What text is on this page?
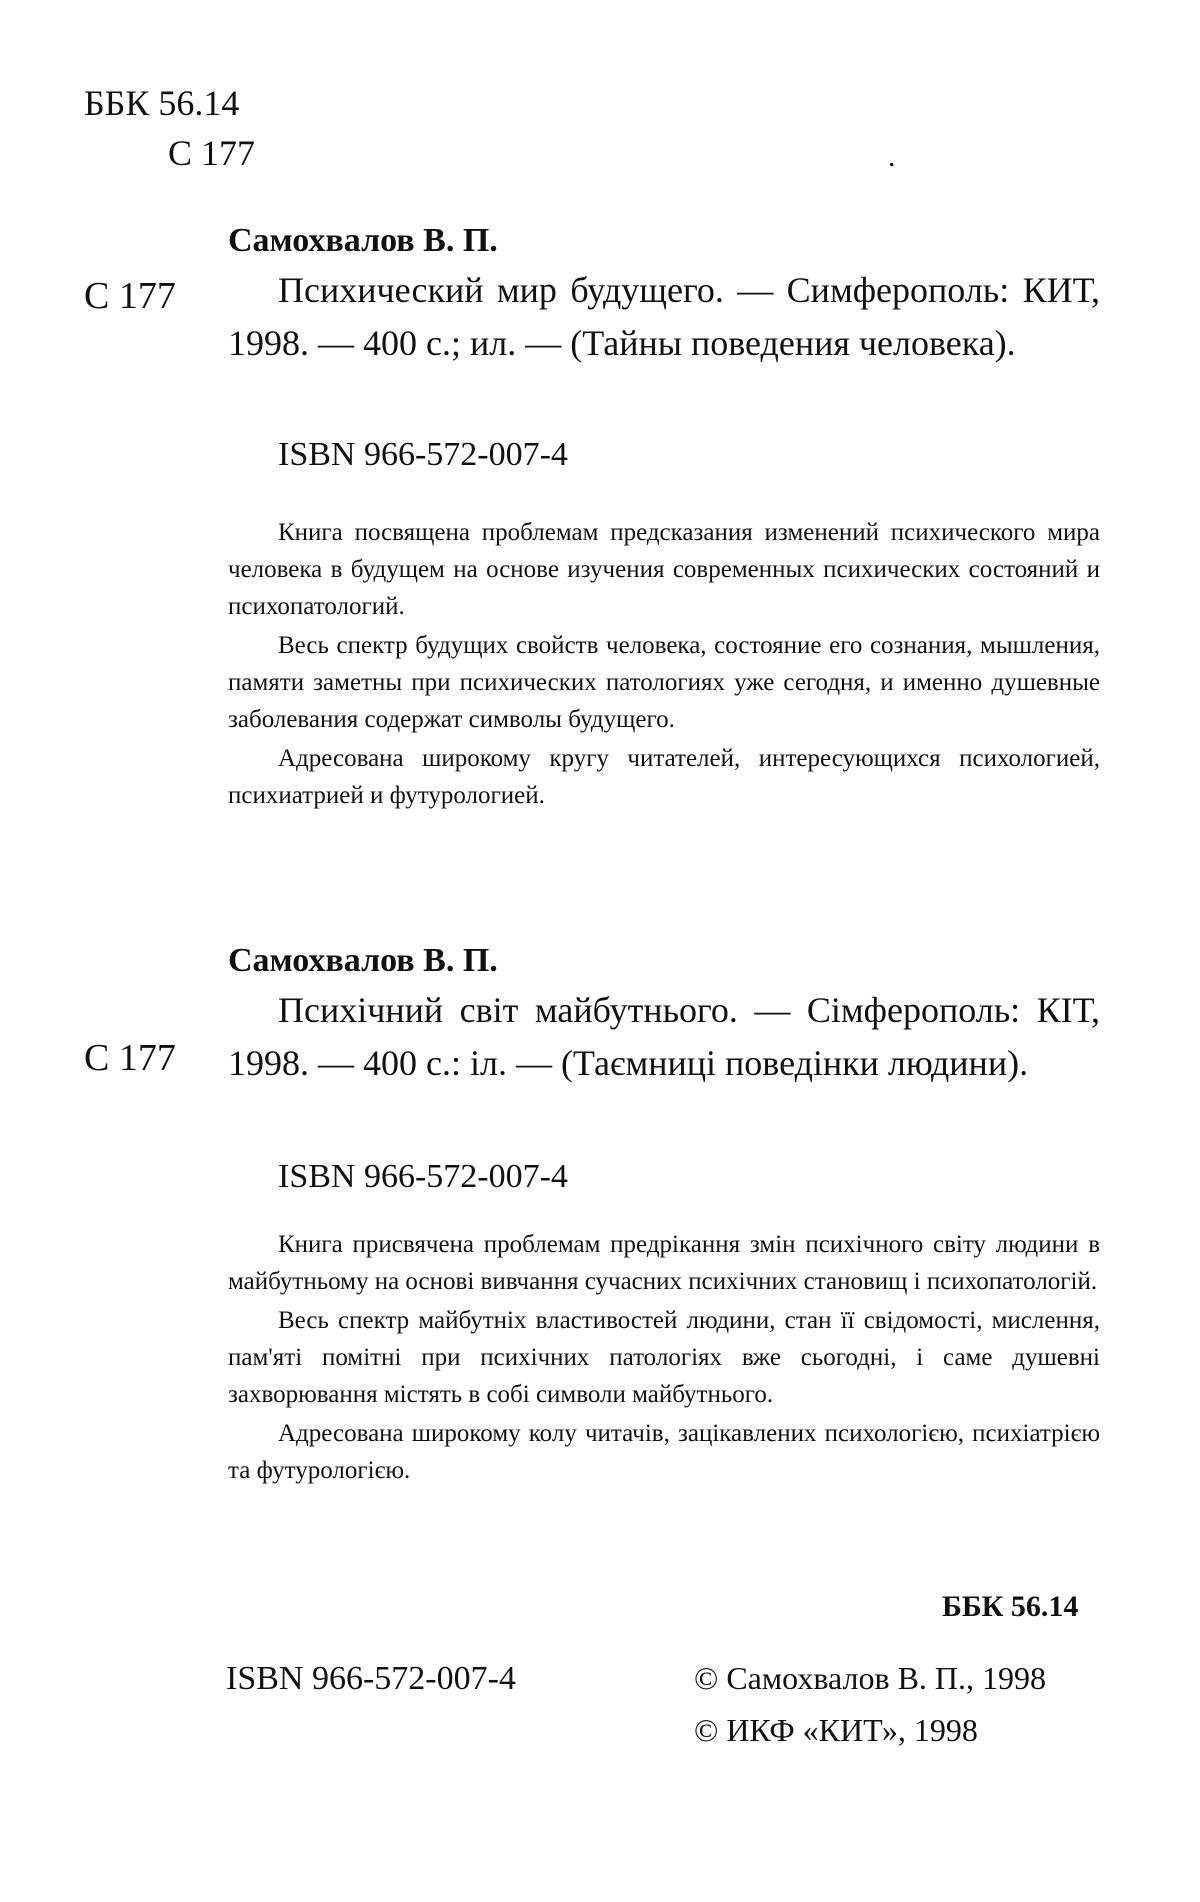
ББК 56.14
С 177	.
Самохвалов В. П.
С 177	Психический мир будущего. — Симферополь: КИТ, 1998. — 400 с.; ил. — (Тайны поведения человека).
ISBN 966-572-007-4

Книга посвящена проблемам предсказания изменений психического мира человека в будущем на основе изучения современных психических состояний и психопатологий.

Весь спектр будущих свойств человека, состояние его сознания, мышления, памяти заметны при психических патологиях уже сегодня, и именно душевные заболевания содержат символы будущего.

Адресована широкому кругу читателей, интересующихся психологией, психиатрией и футурологией.

Самохвалов В. П.
С 177
Психічний світ майбутнього. — Сімферополь: КІТ, 1998. — 400 с.: іл. — (Таємниці поведінки людини).
ISBN 966-572-007-4

Книга присвячена проблемам предрікання змін психічного світу людини в майбутньому на основі вивчання сучасних психічних становищ і психопатологій.

Весь спектр майбутніх властивостей людини, стан її свідомості, мислення, пам'яті помітні при психічних патологіях вже сьогодні, і саме душевні захворювання містять в собі символи майбутнього.

Адресована широкому колу читачів, зацікавлених психологією, психіатрією та футурологією.

ББК 56.14
ISBN 966-572-007-4	© Самохвалов В. П., 1998
© ИКФ «КИТ», 1998
